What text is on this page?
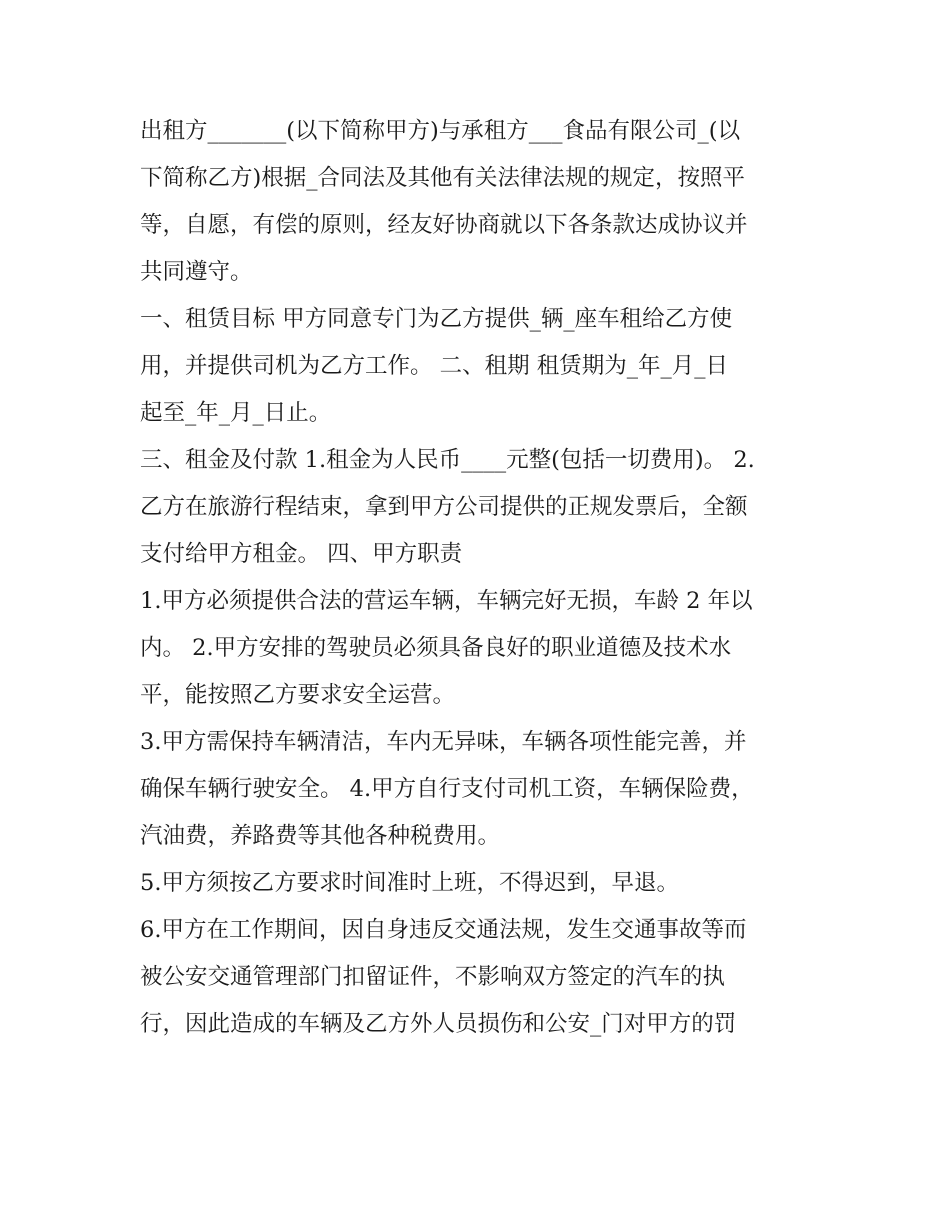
出租方_______(以下简称甲方)与承租方___食品有限公司_(以
下简称乙方)根据_合同法及其他有关法律法规的规定，按照平
等，自愿，有偿的原则，经友好协商就以下各条款达成协议并
共同遵守。
一、租赁目标 甲方同意专门为乙方提供_辆_座车租给乙方使
用，并提供司机为乙方工作。 二、租期 租赁期为_年_月_日
起至_年_月_日止。
三、租金及付款 1.租金为人民币____元整(包括一切费用)。 2.
乙方在旅游行程结束，拿到甲方公司提供的正规发票后，全额
支付给甲方租金。 四、甲方职责
1.甲方必须提供合法的营运车辆，车辆完好无损，车龄 2 年以
内。 2.甲方安排的驾驶员必须具备良好的职业道德及技术水
平，能按照乙方要求安全运营。
3.甲方需保持车辆清洁，车内无异味，车辆各项性能完善，并
确保车辆行驶安全。 4.甲方自行支付司机工资，车辆保险费，
汽油费，养路费等其他各种税费用。
5.甲方须按乙方要求时间准时上班，不得迟到，早退。
6.甲方在工作期间，因自身违反交通法规，发生交通事故等而
被公安交通管理部门扣留证件，不影响双方签定的汽车的执
行，因此造成的车辆及乙方外人员损伤和公安_门对甲方的罚
